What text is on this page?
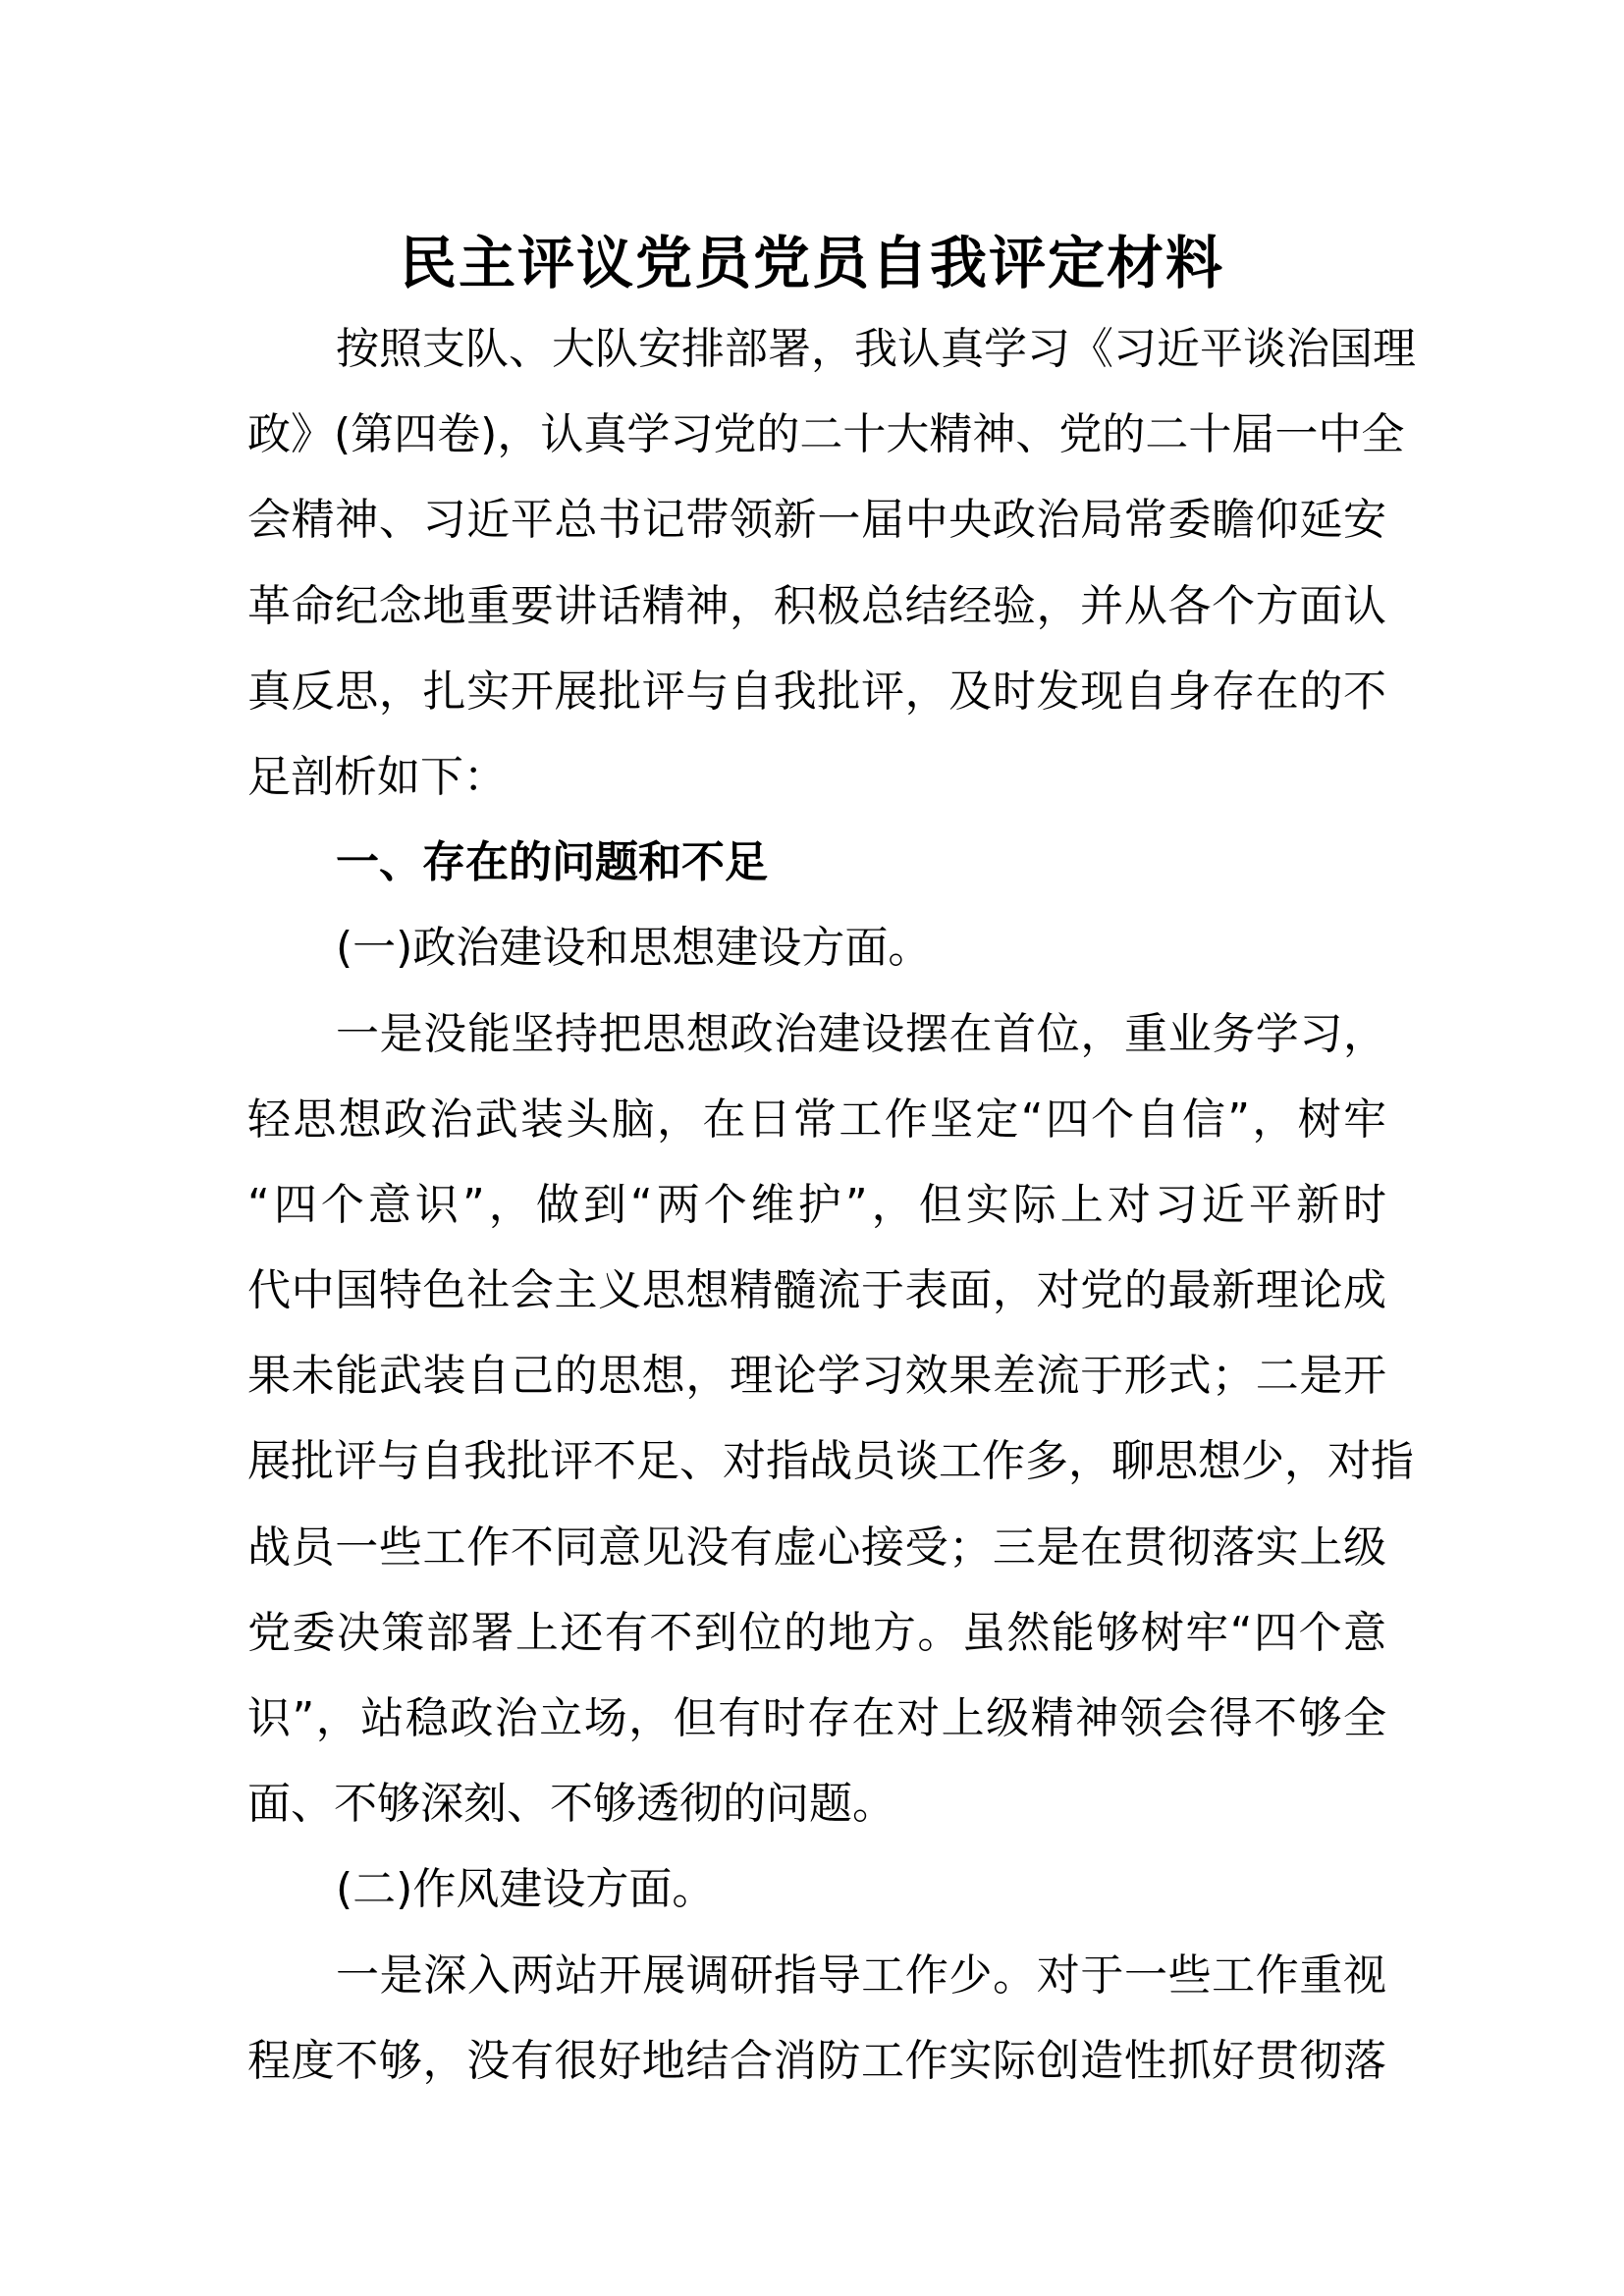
民主评议党员党员自我评定材料
按照支队、大队安排部署，我认真学习《习近平谈治国理
政》(第四卷)，认真学习党的二十大精神、党的二十届一中全
会精神、习近平总书记带领新一届中央政治局常委瞻仰延安
革命纪念地重要讲话精神，积极总结经验，并从各个方面认
真反思，扎实开展批评与自我批评，及时发现自身存在的不
足剖析如下：
一、存在的问题和不足
(一)政治建设和思想建设方面。
一是没能坚持把思想政治建设摆在首位，重业务学习，
轻思想政治武装头脑，在日常工作坚定“四个自信”，树牢
“四个意识”，做到“两个维护”，但实际上对习近平新时
代中国特色社会主义思想精髓流于表面，对党的最新理论成
果未能武装自己的思想，理论学习效果差流于形式；二是开
展批评与自我批评不足、对指战员谈工作多，聊思想少，对指
战员一些工作不同意见没有虚心接受；三是在贯彻落实上级
党委决策部署上还有不到位的地方。虽然能够树牢“四个意
识”，站稳政治立场，但有时存在对上级精神领会得不够全
面、不够深刻、不够透彻的问题。
(二)作风建设方面。
一是深入两站开展调研指导工作少。对于一些工作重视
程度不够，没有很好地结合消防工作实际创造性抓好贯彻落
